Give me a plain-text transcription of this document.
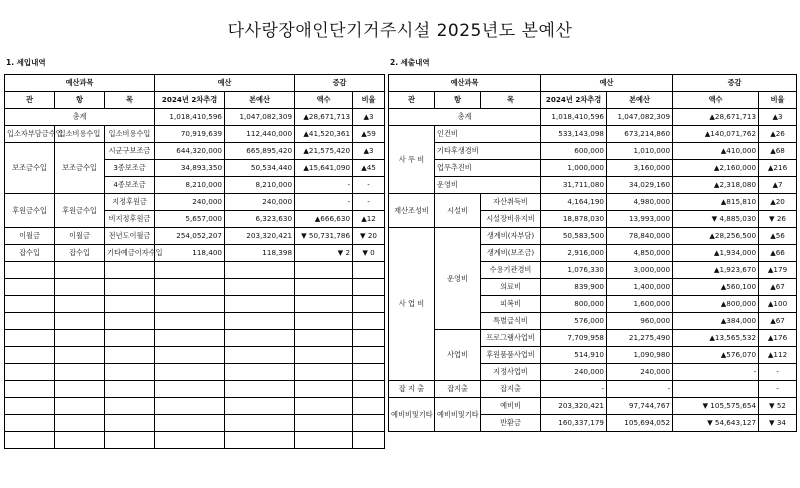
다사랑장애인단기거주시설 2025년도 본예산
1. 세입내역	2. 세출내역
예산과목			예산		증감	
관	항	목	2024년 2차추경	본예산	액수	비율
총계			1,018,410,596	1,047,082,309	▲28,671,713	▲3
입소자부담금수입	입소비용수입	입소비용수입	70,919,639	112,440,000	▲41,520,361	▲59
보조금수입	보조금수입	시군구보조금	644,320,000	665,895,420	▲21,575,420	▲3
		3종보조금	34,893,350	50,534,440	▲15,641,090	▲45
		4종보조금	8,210,000	8,210,000	-	-
후원금수입	후원금수입	지정후원금	240,000	240,000	-	-
		비지정후원금	5,657,000	6,323,630	▲666,630	▲12
이월금	이월금	전년도이월금	254,052,207	203,320,421	▼ 50,731,786	▼ 20
잡수입	잡수입	기타예금이자수입	118,400	118,398	▼ 2	▼ 0

예산과목			예산		증감	
관	항	목	2024년 2차추경	본예산	액수	비율
총계			1,018,410,596	1,047,082,309	▲28,671,713	▲3
사 무 비	인건비		533,143,098	673,214,860	▲140,071,762	▲26
	기타후생경비		600,000	1,010,000	▲410,000	▲68
	업무추진비		1,000,000	3,160,000	▲2,160,000	▲216
	운영비		31,711,080	34,029,160	▲2,318,080	▲7
재산조성비	시설비	자산취득비	4,164,190	4,980,000	▲815,810	▲20
		시설장비유지비	18,878,030	13,993,000	▼ 4,885,030	▼ 26
사 업 비	운영비	생계비(자부담)	50,583,500	78,840,000	▲28,256,500	▲56
		생계비(보조금)	2,916,000	4,850,000	▲1,934,000	▲66
		수용기관경비	1,076,330	3,000,000	▲1,923,670	▲179
		의료비	839,900	1,400,000	▲560,100	▲67
		피복비	800,000	1,600,000	▲800,000	▲100
		특별급식비	576,000	960,000	▲384,000	▲67
	사업비	프로그램사업비	7,709,958	21,275,490	▲13,565,532	▲176
		후원품품사업비	514,910	1,090,980	▲576,070	▲112
		지정사업비	240,000	240,000	-	-
잡 지 출	잡지출	잡지출	-	-		-
예비비및기타	예비비및기타	예비비	203,320,421	97,744,767	▼ 105,575,654	▼ 52
		반환금	160,337,179	105,694,052	▼ 54,643,127	▼ 34
